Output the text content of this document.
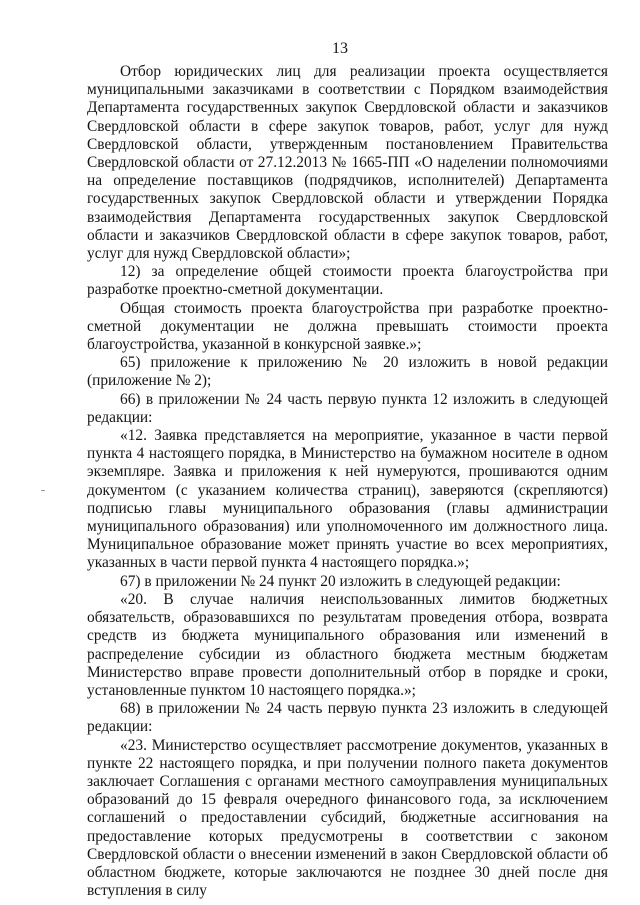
13

Отбор юридических лиц для реализации проекта осуществляется муниципальными заказчиками в соответствии с Порядком взаимодействия Департамента государственных закупок Свердловской области и заказчиков Свердловской области в сфере закупок товаров, работ, услуг для нужд Свердловской области, утвержденным постановлением Правительства Свердловской области от 27.12.2013 № 1665-ПП «О наделении полномочиями на определение поставщиков (подрядчиков, исполнителей) Департамента государственных закупок Свердловской области и утверждении Порядка взаимодействия Департамента государственных закупок Свердловской области и заказчиков Свердловской области в сфере закупок товаров, работ, услуг для нужд Свердловской области»;

12) за определение общей стоимости проекта благоустройства при разработке проектно-сметной документации.

Общая стоимость проекта благоустройства при разработке проектно-сметной документации не должна превышать стоимости проекта благоустройства, указанной в конкурсной заявке.»;

65) приложение к приложению № 20 изложить в новой редакции (приложение № 2);

66) в приложении № 24 часть первую пункта 12 изложить в следующей редакции:

«12. Заявка представляется на мероприятие, указанное в части первой пункта 4 настоящего порядка, в Министерство на бумажном носителе в одном экземпляре. Заявка и приложения к ней нумеруются, прошиваются одним документом (с указанием количества страниц), заверяются (скрепляются) подписью главы муниципального образования (главы администрации муниципального образования) или уполномоченного им должностного лица. Муниципальное образование может принять участие во всех мероприятиях, указанных в части первой пункта 4 настоящего порядка.»;

67) в приложении № 24 пункт 20 изложить в следующей редакции:

«20. В случае наличия неиспользованных лимитов бюджетных обязательств, образовавшихся по результатам проведения отбора, возврата средств из бюджета муниципального образования или изменений в распределение субсидии из областного бюджета местным бюджетам Министерство вправе провести дополнительный отбор в порядке и сроки, установленные пунктом 10 настоящего порядка.»;

68) в приложении № 24 часть первую пункта 23 изложить в следующей редакции:

«23. Министерство осуществляет рассмотрение документов, указанных в пункте 22 настоящего порядка, и при получении полного пакета документов заключает Соглашения с органами местного самоуправления муниципальных образований до 15 февраля очередного финансового года, за исключением соглашений о предоставлении субсидий, бюджетные ассигнования на предоставление которых предусмотрены в соответствии с законом Свердловской области о внесении изменений в закон Свердловской области об областном бюджете, которые заключаются не позднее 30 дней после дня вступления в силу
